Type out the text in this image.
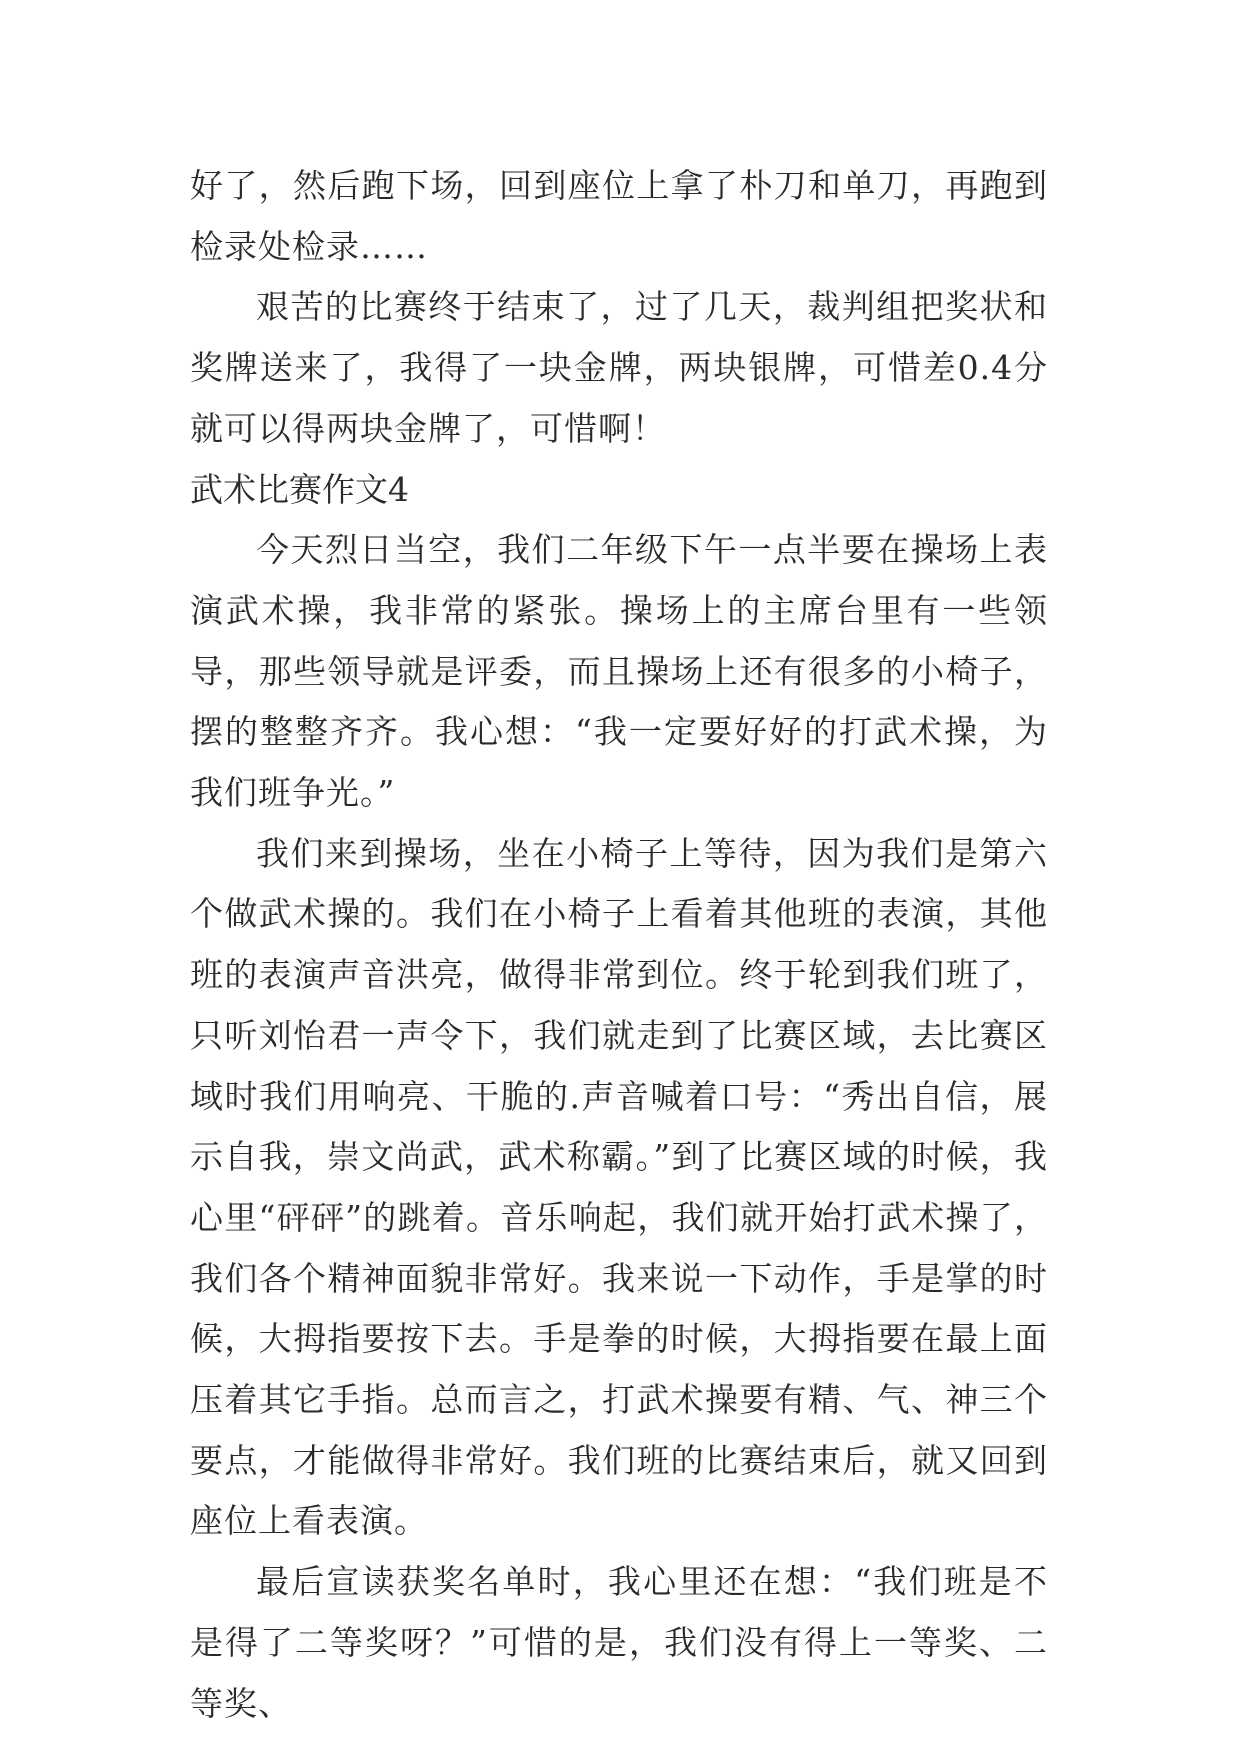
好了，然后跑下场，回到座位上拿了朴刀和单刀，再跑到检录处检录……

艰苦的比赛终于结束了，过了几天，裁判组把奖状和奖牌送来了，我得了一块金牌，两块银牌，可惜差0.4分就可以得两块金牌了，可惜啊！

武术比赛作文4

今天烈日当空，我们二年级下午一点半要在操场上表演武术操，我非常的紧张。操场上的主席台里有一些领导，那些领导就是评委，而且操场上还有很多的小椅子，摆的整整齐齐。我心想：“我一定要好好的打武术操，为我们班争光。”

我们来到操场，坐在小椅子上等待，因为我们是第六个做武术操的。我们在小椅子上看着其他班的表演，其他班的表演声音洪亮，做得非常到位。终于轮到我们班了，只听刘怡君一声令下，我们就走到了比赛区域，去比赛区域时我们用响亮、干脆的.声音喊着口号：“秀出自信，展示自我，崇文尚武，武术称霸。”到了比赛区域的时候，我心里“砰砰”的跳着。音乐响起，我们就开始打武术操了，我们各个精神面貌非常好。我来说一下动作，手是掌的时候，大拇指要按下去。手是拳的时候，大拇指要在最上面压着其它手指。总而言之，打武术操要有精、气、神三个要点，才能做得非常好。我们班的比赛结束后，就又回到座位上看表演。

最后宣读获奖名单时，我心里还在想：“我们班是不是得了二等奖呀？”可惜的是，我们没有得上一等奖、二等奖、
